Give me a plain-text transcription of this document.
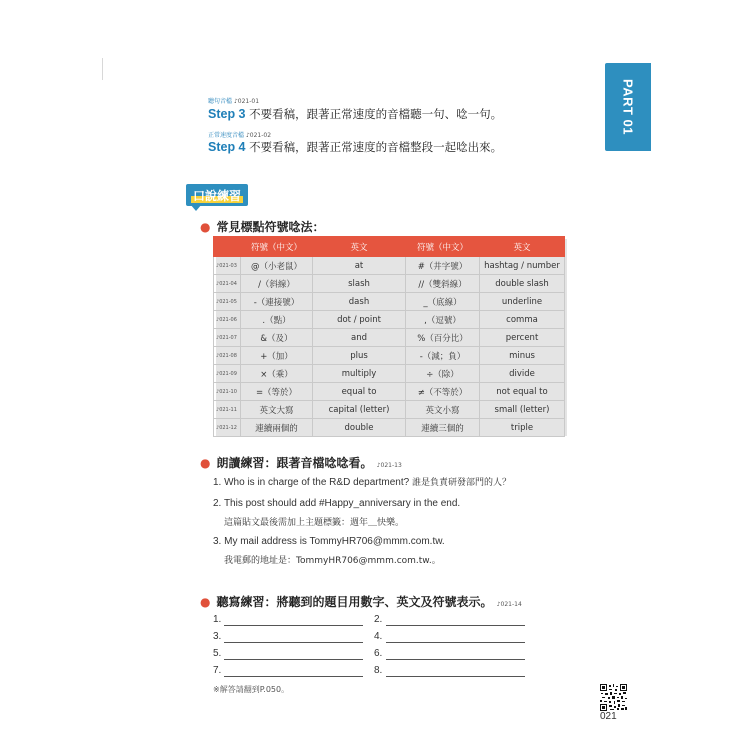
PART 01
聽句音檔 ♪021-01
Step 3 不要看稿，跟著正常速度的音檔聽一句、唸一句。
正常速度音檔 ♪021-02
Step 4 不要看稿，跟著正常速度的音檔整段一起唸出來。
口說練習
● 常見標點符號唸法：
	符號（中文）	英文	符號（中文）	英文
♪021-03	@（小老鼠）	at	#（井字號）	hashtag / number
♪021-04	/（斜線）	slash	//（雙斜線）	double slash
♪021-05	-（連接號）	dash	_（底線）	underline
♪021-06	.（點）	dot / point	,（逗號）	comma
♪021-07	&（及）	and	%（百分比）	percent
♪021-08	+（加）	plus	-（減；負）	minus
♪021-09	×（乘）	multiply	÷（除）	divide
♪021-10	=（等於）	equal to	≠（不等於）	not equal to
♪021-11	英文大寫	capital (letter)	英文小寫	small (letter)
♪021-12	連續兩個的	double	連續三個的	triple
● 朗讀練習：跟著音檔唸唸看。 ♪021-13
1. Who is in charge of the R&D department? 誰是負責研發部門的人？
2. This post should add #Happy_anniversary in the end.
這篇貼文最後需加上主題標籤：週年＿快樂。
3. My mail address is TommyHR706@mmm.com.tw.
我電郵的地址是：TommyHR706@mmm.com.tw.。
● 聽寫練習：將聽到的題目用數字、英文及符號表示。 ♪021-14
1.	2.
3.	4.
5.	6.
7.	8.
※解答請翻到P.050。
021
